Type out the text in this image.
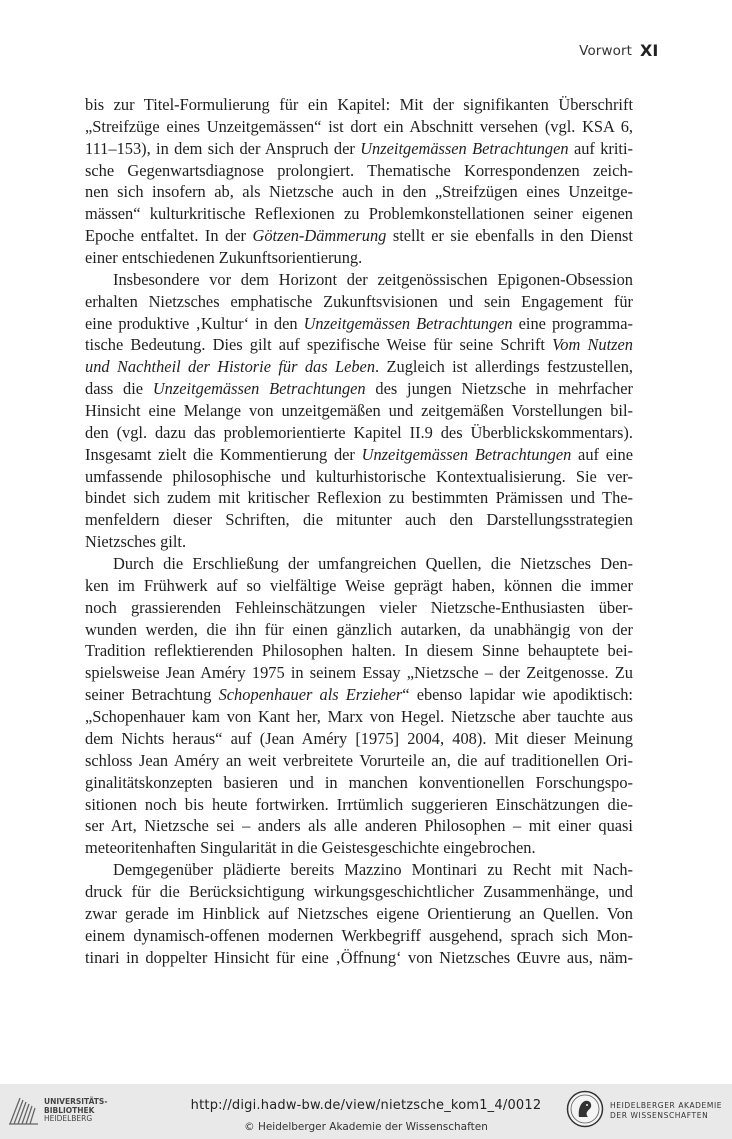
Vorwort XI
bis zur Titel-Formulierung für ein Kapitel: Mit der signifikanten Überschrift
„Streifzüge eines Unzeitgemässen“ ist dort ein Abschnitt versehen (vgl. KSA 6,
111–153), in dem sich der Anspruch der Unzeitgemässen Betrachtungen auf kriti-
sche Gegenwartsdiagnose prolongiert. Thematische Korrespondenzen zeich-
nen sich insofern ab, als Nietzsche auch in den „Streifzügen eines Unzeitge-
mässen“ kulturkritische Reflexionen zu Problemkonstellationen seiner eigenen
Epoche entfaltet. In der Götzen-Dämmerung stellt er sie ebenfalls in den Dienst
einer entschiedenen Zukunftsorientierung.
Insbesondere vor dem Horizont der zeitgenössischen Epigonen-Obsession
erhalten Nietzsches emphatische Zukunftsvisionen und sein Engagement für
eine produktive ‚Kultur‘ in den Unzeitgemässen Betrachtungen eine programma-
tische Bedeutung. Dies gilt auf spezifische Weise für seine Schrift Vom Nutzen
und Nachtheil der Historie für das Leben. Zugleich ist allerdings festzustellen,
dass die Unzeitgemässen Betrachtungen des jungen Nietzsche in mehrfacher
Hinsicht eine Melange von unzeitgemäßen und zeitgemäßen Vorstellungen bil-
den (vgl. dazu das problemorientierte Kapitel II.9 des Überblickskommentars).
Insgesamt zielt die Kommentierung der Unzeitgemässen Betrachtungen auf eine
umfassende philosophische und kulturhistorische Kontextualisierung. Sie ver-
bindet sich zudem mit kritischer Reflexion zu bestimmten Prämissen und The-
menfeldern dieser Schriften, die mitunter auch den Darstellungsstrategien
Nietzsches gilt.
Durch die Erschließung der umfangreichen Quellen, die Nietzsches Den-
ken im Frühwerk auf so vielfältige Weise geprägt haben, können die immer
noch grassierenden Fehleinschätzungen vieler Nietzsche-Enthusiasten über-
wunden werden, die ihn für einen gänzlich autarken, da unabhängig von der
Tradition reflektierenden Philosophen halten. In diesem Sinne behauptete bei-
spielsweise Jean Améry 1975 in seinem Essay „Nietzsche – der Zeitgenosse. Zu
seiner Betrachtung Schopenhauer als Erzieher“ ebenso lapidar wie apodiktisch:
„Schopenhauer kam von Kant her, Marx von Hegel. Nietzsche aber tauchte aus
dem Nichts heraus“ auf (Jean Améry [1975] 2004, 408). Mit dieser Meinung
schloss Jean Améry an weit verbreitete Vorurteile an, die auf traditionellen Ori-
ginalitätskonzepten basieren und in manchen konventionellen Forschungspo-
sitionen noch bis heute fortwirken. Irrtümlich suggerieren Einschätzungen die-
ser Art, Nietzsche sei – anders als alle anderen Philosophen – mit einer quasi
meteoritenhaften Singularität in die Geistesgeschichte eingebrochen.
Demgegenüber plädierte bereits Mazzino Montinari zu Recht mit Nach-
druck für die Berücksichtigung wirkungsgeschichtlicher Zusammenhänge, und
zwar gerade im Hinblick auf Nietzsches eigene Orientierung an Quellen. Von
einem dynamisch-offenen modernen Werkbegriff ausgehend, sprach sich Mon-
tinari in doppelter Hinsicht für eine ‚Öffnung‘ von Nietzsches Œuvre aus, näm-
UNIVERSITÄTS-
BIBLIOTHEK
HEIDELBERG
http://digi.hadw-bw.de/view/nietzsche_kom1_4/0012
© Heidelberger Akademie der Wissenschaften
HEIDELBERGER AKADEMIE
DER WISSENSCHAFTEN
